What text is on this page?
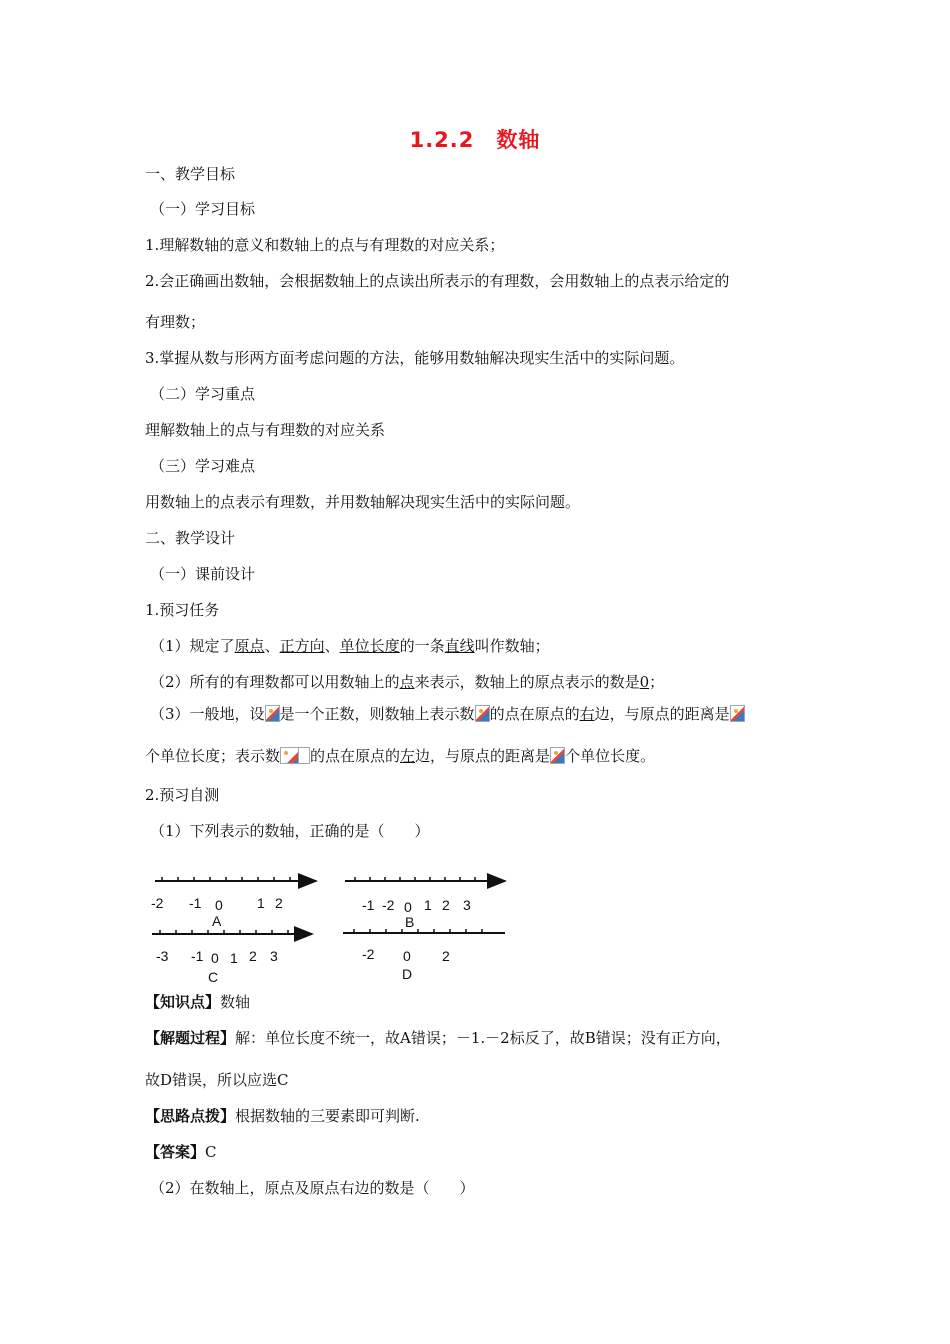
1.2.2　数轴
一、教学目标
（一）学习目标
1.理解数轴的意义和数轴上的点与有理数的对应关系；
2.会正确画出数轴，会根据数轴上的点读出所表示的有理数，会用数轴上的点表示给定的
有理数；
3.掌握从数与形两方面考虑问题的方法，能够用数轴解决现实生活中的实际问题。
（二）学习重点
理解数轴上的点与有理数的对应关系
（三）学习难点
用数轴上的点表示有理数，并用数轴解决现实生活中的实际问题。
二、教学设计
（一）课前设计
1.预习任务
（1）规定了原点、正方向、单位长度的一条直线叫作数轴；
（2）所有的有理数都可以用数轴上的点来表示，数轴上的原点表示的数是0；
（3）一般地，设 是一个正数，则数轴上表示数 的点在原点的右边，与原点的距离是
个单位长度；表示数 的点在原点的左边，与原点的距离是 个单位长度。
2.预习自测
（1）下列表示的数轴，正确的是（　　）
-2 -1 0 1 2
A
-1 -2 0 1 2 3
B
-3 -1 0 1 2 3
C
-2 0 2
D
【知识点】数轴
【解题过程】解：单位长度不统一，故A错误；－1.－2标反了，故B错误；没有正方向，
故D错误，所以应选C
【思路点拨】根据数轴的三要素即可判断.
【答案】C
（2）在数轴上，原点及原点右边的数是（　　）
